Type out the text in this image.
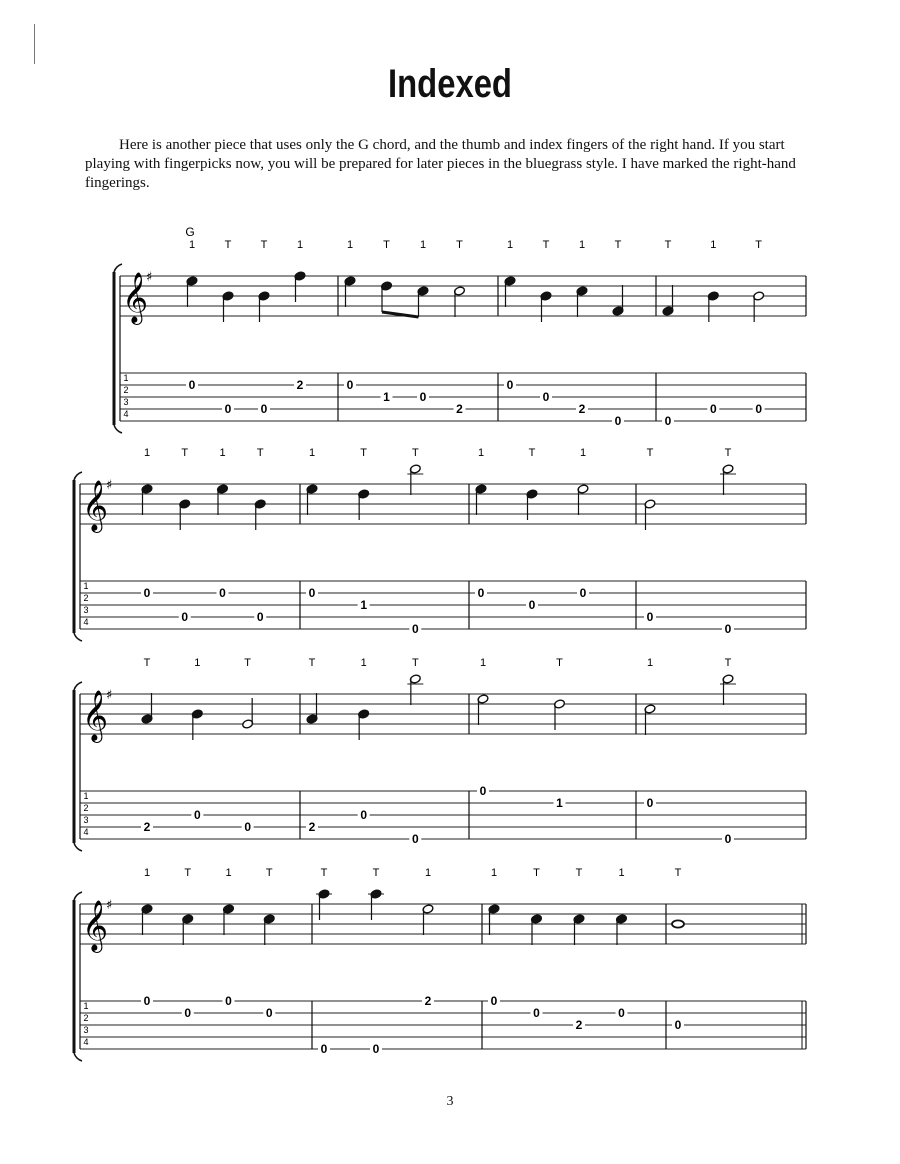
Indexed

Here is another piece that uses only the G chord, and the thumb and index fingers of the right hand. If you start playing with fingerpicks now, you will be prepared for later pieces in the bluegrass style. I have marked the right-hand fingerings.

G
𝄞
♯
1
2
3
4
1
0
T
0
T
0
1
2
1
0
T
1
1
0
T
2
1
0
T
0
1
2
T
0
T
0
1
0
T
0
𝄞
♯
1
2
3
4
1
0
T
0
1
0
T
0
1
0
T
1
T
0
1
0
T
0
1
0
T
0
T
0
𝄞
♯
1
2
3
4
T
2
1
0
T
0
T
2
1
0
T
0
1
0
T
1
1
0
T
0
𝄞
♯
1
2
3
4
1
0
T
0
1
0
T
0
T
0
T
0
1
2
1
0
T
0
T
2
1
0
T
0
3
